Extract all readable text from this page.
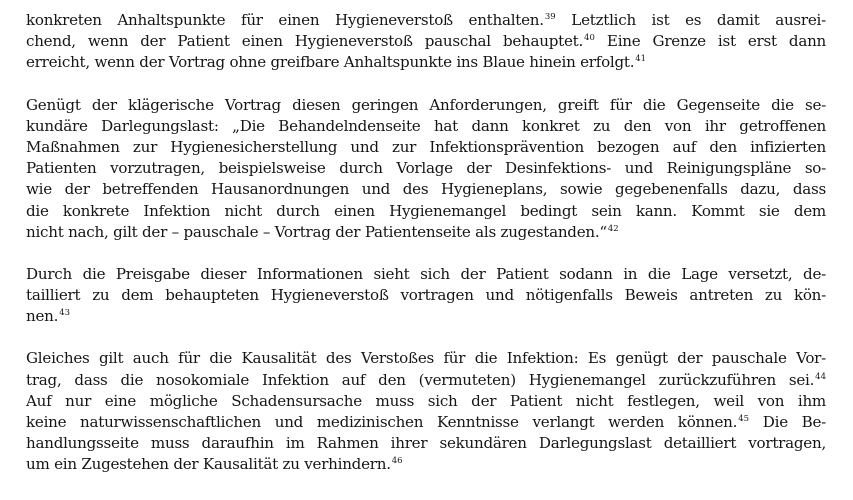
konkreten Anhaltspunkte für einen Hygieneverstoß enthalten.$^{39}$ Letztlich ist es damit ausrei-
chend, wenn der Patient einen Hygieneverstoß pauschal behauptet.$^{40}$ Eine Grenze ist erst dann
erreicht, wenn der Vortrag ohne greifbare Anhaltspunkte ins Blaue hinein erfolgt.$^{41}$
Genügt der klägerische Vortrag diesen geringen Anforderungen, greift für die Gegenseite die se-
kundäre Darlegungslast: „Die Behandelndenseite hat dann konkret zu den von ihr getroffenen
Maßnahmen zur Hygienesicherstellung und zur Infektionsprävention bezogen auf den infizierten
Patienten vorzutragen, beispielsweise durch Vorlage der Desinfektions- und Reinigungspläne so-
wie der betreffenden Hausanordnungen und des Hygieneplans, sowie gegebenenfalls dazu, dass
die konkrete Infektion nicht durch einen Hygienemangel bedingt sein kann. Kommt sie dem
nicht nach, gilt der – pauschale – Vortrag der Patientenseite als zugestanden.“$^{42}$
Durch die Preisgabe dieser Informationen sieht sich der Patient sodann in die Lage versetzt, de-
tailliert zu dem behaupteten Hygieneverstoß vortragen und nötigenfalls Beweis antreten zu kön-
nen.$^{43}$
Gleiches gilt auch für die Kausalität des Verstoßes für die Infektion: Es genügt der pauschale Vor-
trag, dass die nosokomiale Infektion auf den (vermuteten) Hygienemangel zurückzuführen sei.$^{44}$
Auf nur eine mögliche Schadensursache muss sich der Patient nicht festlegen, weil von ihm
keine naturwissenschaftlichen und medizinischen Kenntnisse verlangt werden können.$^{45}$ Die Be-
handlungsseite muss daraufhin im Rahmen ihrer sekundären Darlegungslast detailliert vortragen,
um ein Zugestehen der Kausalität zu verhindern.$^{46}$
